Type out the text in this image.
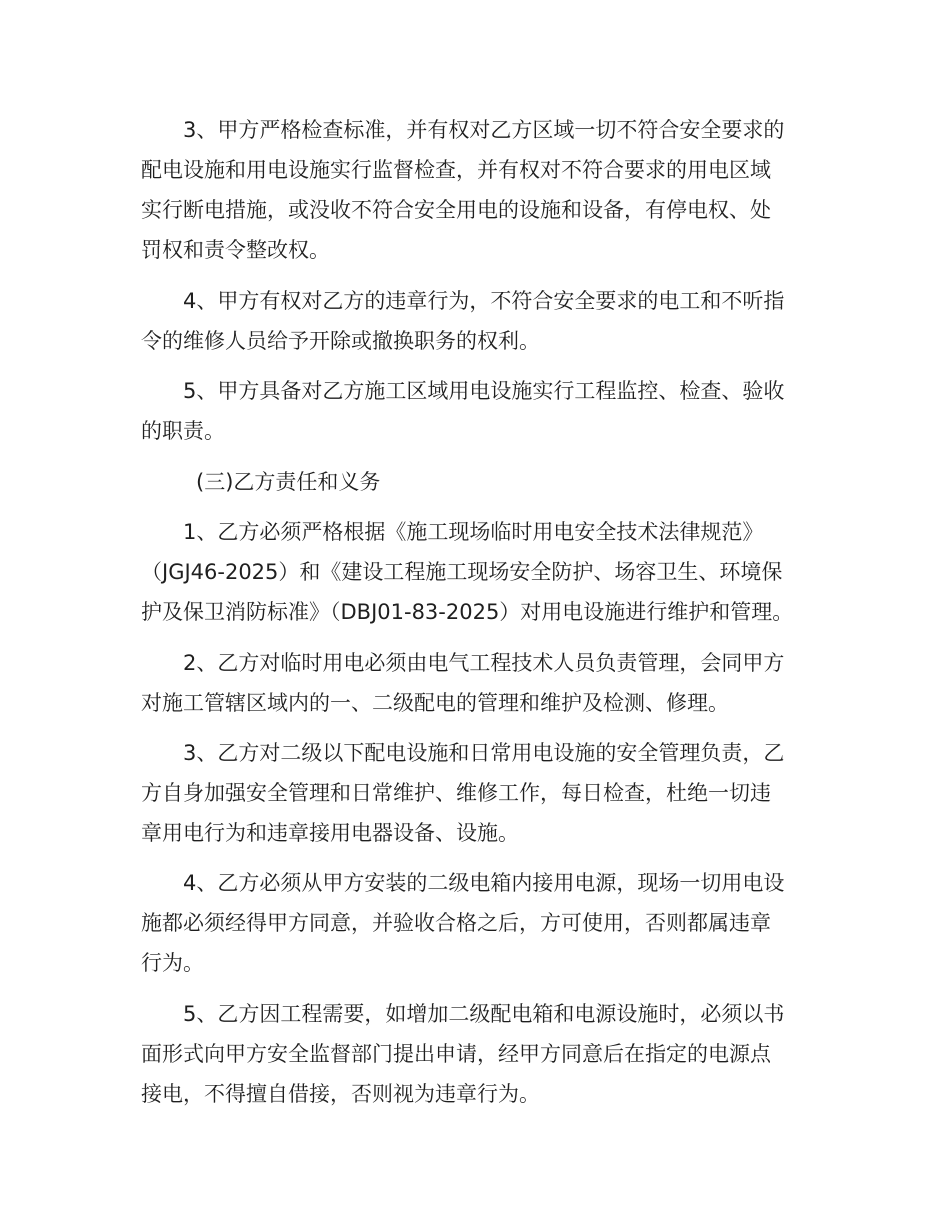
3、甲方严格检查标准，并有权对乙方区域一切不符合安全要求的

配电设施和用电设施实行监督检查，并有权对不符合要求的用电区域

实行断电措施，或没收不符合安全用电的设施和设备，有停电权、处

罚权和责令整改权。

4、甲方有权对乙方的违章行为，不符合安全要求的电工和不听指

令的维修人员给予开除或撤换职务的权利。

5、甲方具备对乙方施工区域用电设施实行工程监控、检查、验收

的职责。

(三)乙方责任和义务

1、乙方必须严格根据《施工现场临时用电安全技术法律规范》

（JGJ46-2025）和《建设工程施工现场安全防护、场容卫生、环境保

护及保卫消防标准》（DBJ01-83-2025）对用电设施进行维护和管理。

2、乙方对临时用电必须由电气工程技术人员负责管理，会同甲方

对施工管辖区域内的一、二级配电的管理和维护及检测、修理。

3、乙方对二级以下配电设施和日常用电设施的安全管理负责，乙

方自身加强安全管理和日常维护、维修工作，每日检查，杜绝一切违

章用电行为和违章接用电器设备、设施。

4、乙方必须从甲方安装的二级电箱内接用电源，现场一切用电设

施都必须经得甲方同意，并验收合格之后，方可使用，否则都属违章

行为。

5、乙方因工程需要，如增加二级配电箱和电源设施时，必须以书

面形式向甲方安全监督部门提出申请，经甲方同意后在指定的电源点

接电，不得擅自借接，否则视为违章行为。
